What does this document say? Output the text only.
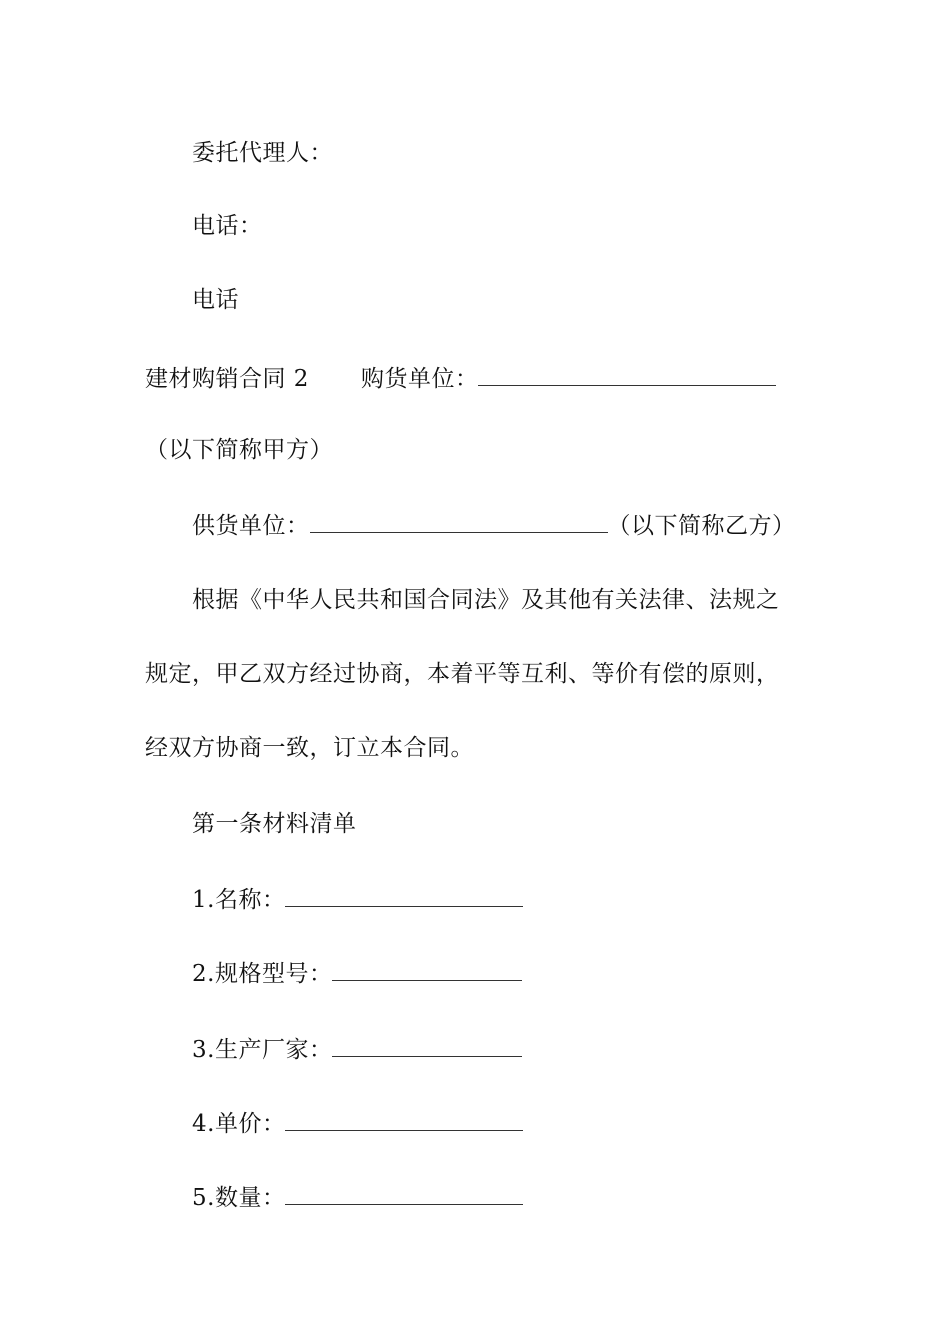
委托代理人：
电话：
电话
建材购销合同 2 购货单位：
（以下简称甲方）
供货单位：	（以下简称乙方）
根据《中华人民共和国合同法》及其他有关法律、法规之
规定，甲乙双方经过协商，本着平等互利、等价有偿的原则，
经双方协商一致，订立本合同。
第一条材料清单
1.名称：
2.规格型号：
3.生产厂家：
4.单价：
5.数量：
